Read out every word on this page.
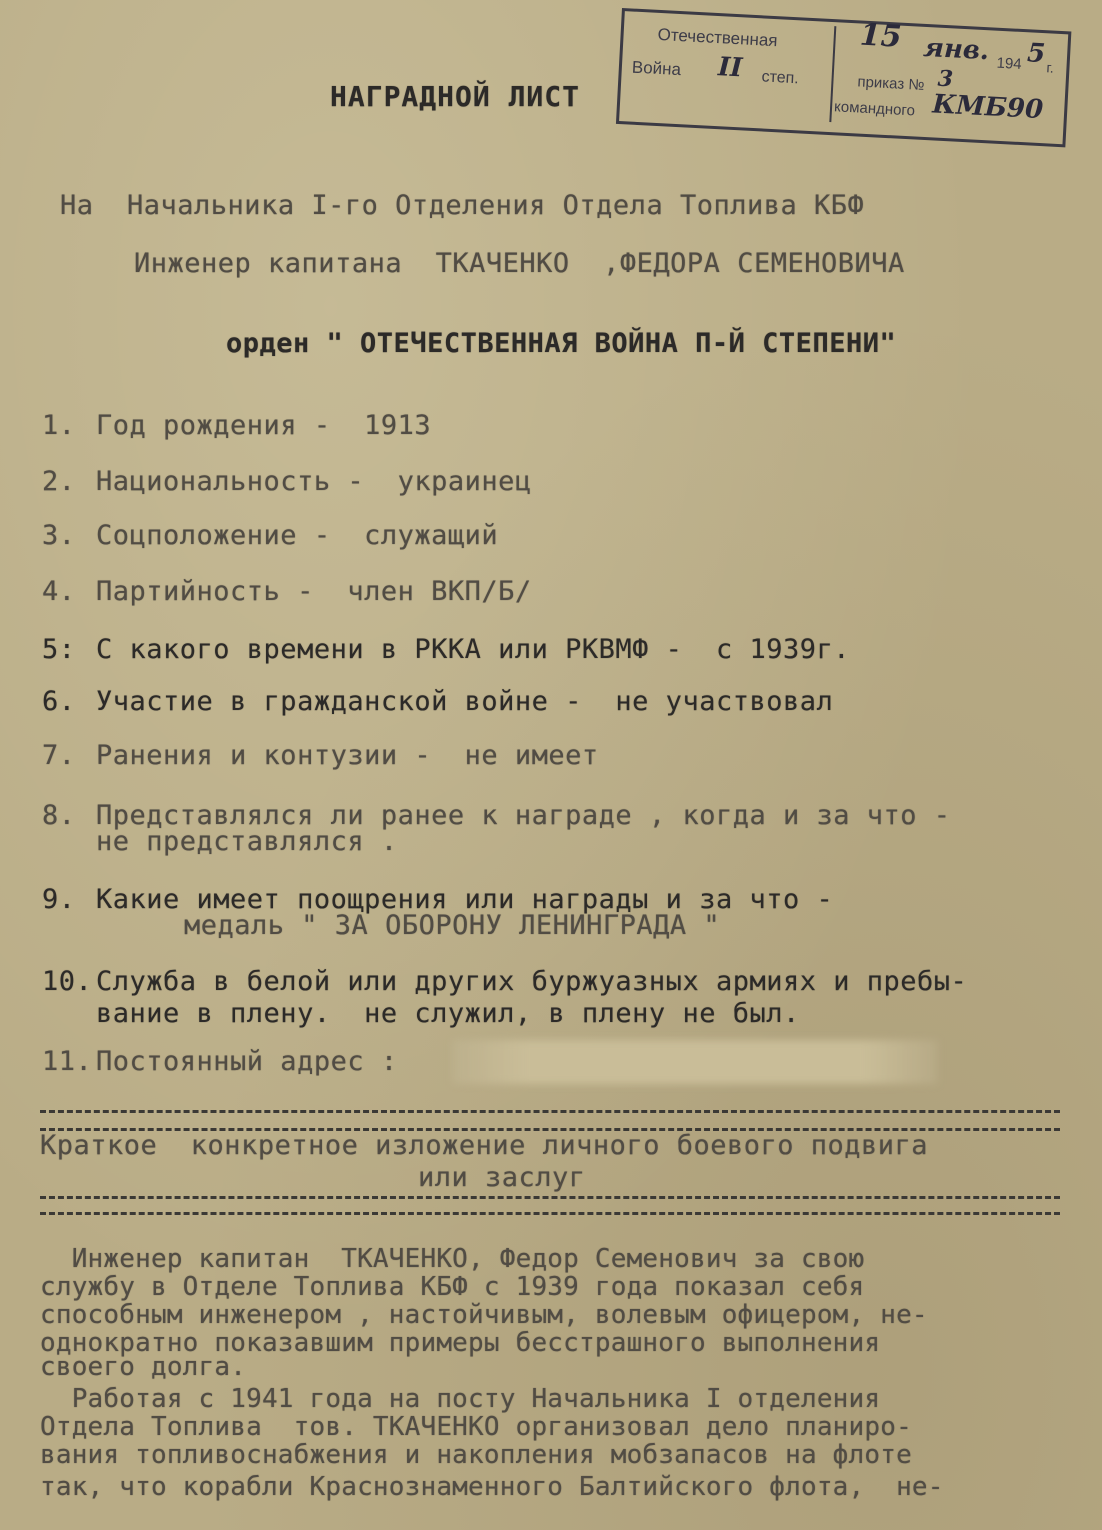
Отечественная
Война II степ.
15 янв. 194 5 г.
приказ № 3
командного КМБ90
НАГРАДНОЙ ЛИСТ
На  Начальника I-го Отделения Отдела Топлива КБФ
Инженер капитана  ТКАЧЕНКО  ,ФЕДОРА СЕМЕНОВИЧА
орден " ОТЕЧЕСТВЕННАЯ ВОЙНА П-Й СТЕПЕНИ"
1. Год рождения -  1913
2. Национальность -  украинец
3. Соцположение -  служащий
4. Партийность -  член ВКП/Б/
5: С какого времени в РККА или РКВМФ -  с 1939г.
6. Участие в гражданской войне -  не участвовал
7. Ранения и контузии -  не имеет
8. Представлялся ли ранее к награде , когда и за что -
не представлялся .
9. Какие имеет поощрения или награды и за что -
медаль " ЗА ОБОРОНУ ЛЕНИНГРАДА "
10. Служба в белой или других буржуазных армиях и пребы-
вание в плену.  не служил, в плену не был.
11. Постоянный адрес :
Краткое  конкретное изложение личного боевого подвига
или заслуг
Инженер капитан  ТКАЧЕНКО, Федор Семенович за свою
службу в Отделе Топлива КБФ с 1939 года показал себя
способным инженером , настойчивым, волевым офицером, не-
однократно показавшим примеры бесстрашного выполнения
своего долга.
Работая с 1941 года на посту Начальника I отделения
Отдела Топлива  тов. ТКАЧЕНКО организовал дело планиро-
вания топливоснабжения и накопления мобзапасов на флоте
так, что корабли Краснознаменного Балтийского флота,  не-
